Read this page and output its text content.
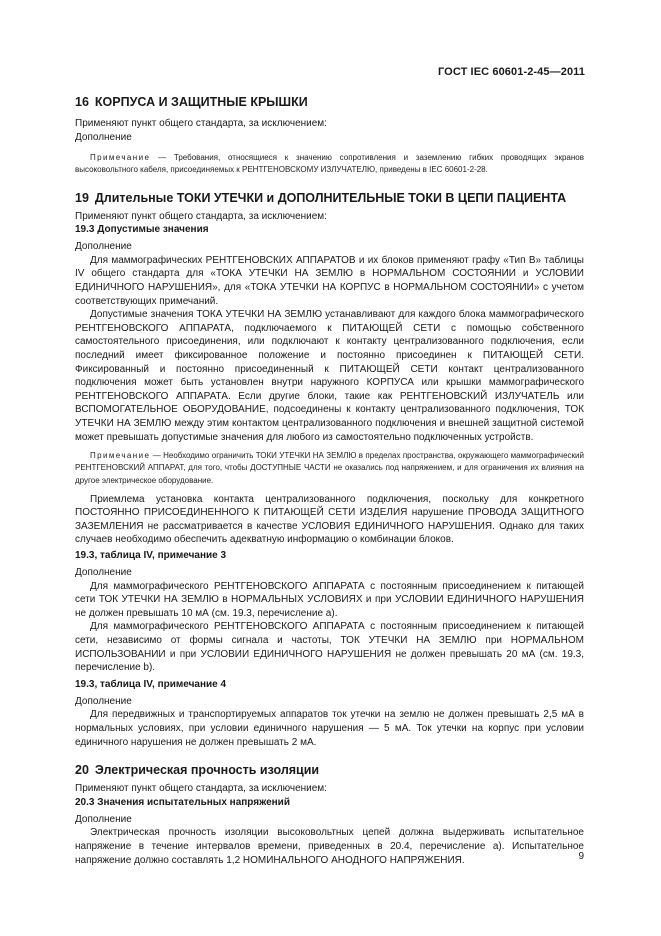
ГОСТ IEC 60601-2-45—2011
16 КОРПУСА И ЗАЩИТНЫЕ КРЫШКИ

Применяют пункт общего стандарта, за исключением:

Дополнение

Примечание — Требования, относящиеся к значению сопротивления и заземлению гибких проводящих экранов высоковольтного кабеля, присоединяемых к РЕНТГЕНОВСКОМУ ИЗЛУЧАТЕЛЮ, приведены в IEC 60601-2-28.

19 Длительные ТОКИ УТЕЧКИ и ДОПОЛНИТЕЛЬНЫЕ ТОКИ В ЦЕПИ ПАЦИЕНТА

Применяют пункт общего стандарта, за исключением:

19.3 Допустимые значения

Дополнение

Для маммографических РЕНТГЕНОВСКИХ АППАРАТОВ и их блоков применяют графу «Тип В» таблицы IV общего стандарта для «ТОКА УТЕЧКИ НА ЗЕМЛЮ в НОРМАЛЬНОМ СОСТОЯНИИ и УСЛОВИИ ЕДИНИЧНОГО НАРУШЕНИЯ», для «ТОКА УТЕЧКИ НА КОРПУС в НОРМАЛЬНОМ СОСТОЯНИИ» с учетом соответствующих примечаний.

Допустимые значения ТОКА УТЕЧКИ НА ЗЕМЛЮ устанавливают для каждого блока маммографического РЕНТГЕНОВСКОГО АППАРАТА, подключаемого к ПИТАЮЩЕЙ СЕТИ с помощью собственного самостоятельного присоединения, или подключают к контакту централизованного подключения, если последний имеет фиксированное положение и постоянно присоединен к ПИТАЮЩЕЙ СЕТИ. Фиксированный и постоянно присоединенный к ПИТАЮЩЕЙ СЕТИ контакт централизованного подключения может быть установлен внутри наружного КОРПУСА или крышки маммографического РЕНТГЕНОВСКОГО АППАРАТА. Если другие блоки, такие как РЕНТГЕНОВСКИЙ ИЗЛУЧАТЕЛЬ или ВСПОМОГАТЕЛЬНОЕ ОБОРУДОВАНИЕ, подсоединены к контакту централизованного подключения, ТОК УТЕЧКИ НА ЗЕМЛЮ между этим контактом централизованного подключения и внешней защитной системой может превышать допустимые значения для любого из самостоятельно подключенных устройств.

Примечание — Необходимо ограничить ТОКИ УТЕЧКИ НА ЗЕМЛЮ в пределах пространства, окружающего маммографический РЕНТГЕНОВСКИЙ АППАРАТ, для того, чтобы ДОСТУПНЫЕ ЧАСТИ не оказались под напряжением, и для ограничения их влияния на другое электрическое оборудование.

Приемлема установка контакта централизованного подключения, поскольку для конкретного ПОСТОЯННО ПРИСОЕДИНЕННОГО К ПИТАЮЩЕЙ СЕТИ ИЗДЕЛИЯ нарушение ПРОВОДА ЗАЩИТНОГО ЗАЗЕМЛЕНИЯ не рассматривается в качестве УСЛОВИЯ ЕДИНИЧНОГО НАРУШЕНИЯ. Однако для таких случаев необходимо обеспечить адекватную информацию о комбинации блоков.

19.3, таблица IV, примечание 3

Дополнение

Для маммографического РЕНТГЕНОВСКОГО АППАРАТА с постоянным присоединением к питающей сети ТОК УТЕЧКИ НА ЗЕМЛЮ в НОРМАЛЬНЫХ УСЛОВИЯХ и при УСЛОВИИ ЕДИНИЧНОГО НАРУШЕНИЯ не должен превышать 10 мА (см. 19.3, перечисление а).

Для маммографического РЕНТГЕНОВСКОГО АППАРАТА с постоянным присоединением к питающей сети, независимо от формы сигнала и частоты, ТОК УТЕЧКИ НА ЗЕМЛЮ при НОРМАЛЬНОМ ИСПОЛЬЗОВАНИИ и при УСЛОВИИ ЕДИНИЧНОГО НАРУШЕНИЯ не должен превышать 20 мА (см. 19.3, перечисление b).

19.3, таблица IV, примечание 4

Дополнение

Для передвижных и транспортируемых аппаратов ток утечки на землю не должен превышать 2,5 мА в нормальных условиях, при условии единичного нарушения — 5 мА. Ток утечки на корпус при условии единичного нарушения не должен превышать 2 мА.

20 Электрическая прочность изоляции

Применяют пункт общего стандарта, за исключением:

20.3 Значения испытательных напряжений

Дополнение

Электрическая прочность изоляции высоковольтных цепей должна выдерживать испытательное напряжение в течение интервалов времени, приведенных в 20.4, перечисление а). Испытательное напряжение должно составлять 1,2 НОМИНАЛЬНОГО АНОДНОГО НАПРЯЖЕНИЯ.	9
